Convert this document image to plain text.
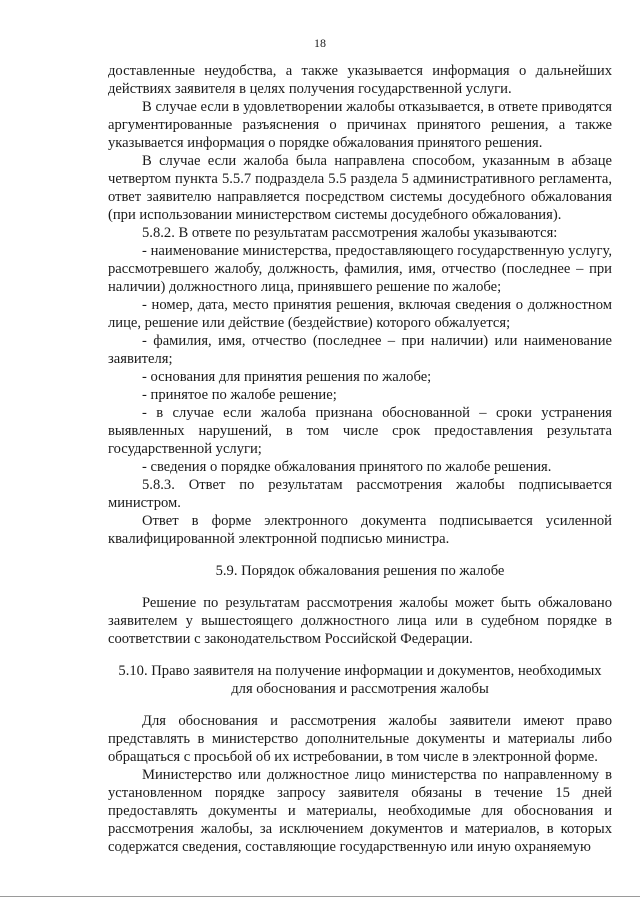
18

доставленные неудобства, а также указывается информация о дальнейших действиях заявителя в целях получения государственной услуги.

В случае если в удовлетворении жалобы отказывается, в ответе приводятся аргументированные разъяснения о причинах принятого решения, а также указывается информация о порядке обжалования принятого решения.

В случае если жалоба была направлена способом, указанным в абзаце четвертом пункта 5.5.7 подраздела 5.5 раздела 5 административного регламента, ответ заявителю направляется посредством системы досудебного обжалования (при использовании министерством системы досудебного обжалования).

5.8.2. В ответе по результатам рассмотрения жалобы указываются:

- наименование министерства, предоставляющего государственную услугу, рассмотревшего жалобу, должность, фамилия, имя, отчество (последнее – при наличии) должностного лица, принявшего решение по жалобе;

- номер, дата, место принятия решения, включая сведения о должностном лице, решение или действие (бездействие) которого обжалуется;

- фамилия, имя, отчество (последнее – при наличии) или наименование заявителя;

- основания для принятия решения по жалобе;

- принятое по жалобе решение;

- в случае если жалоба признана обоснованной – сроки устранения выявленных нарушений, в том числе срок предоставления результата государственной услуги;

- сведения о порядке обжалования принятого по жалобе решения.

5.8.3. Ответ по результатам рассмотрения жалобы подписывается министром.

Ответ в форме электронного документа подписывается усиленной квалифицированной электронной подписью министра.

5.9. Порядок обжалования решения по жалобе

Решение по результатам рассмотрения жалобы может быть обжаловано заявителем у вышестоящего должностного лица или в судебном порядке в соответствии с законодательством Российской Федерации.

5.10. Право заявителя на получение информации и документов, необходимых для обоснования и рассмотрения жалобы

Для обоснования и рассмотрения жалобы заявители имеют право представлять в министерство дополнительные документы и материалы либо обращаться с просьбой об их истребовании, в том числе в электронной форме.

Министерство или должностное лицо министерства по направленному в установленном порядке запросу заявителя обязаны в течение 15 дней предоставлять документы и материалы, необходимые для обоснования и рассмотрения жалобы, за исключением документов и материалов, в которых содержатся сведения, составляющие государственную или иную охраняемую
